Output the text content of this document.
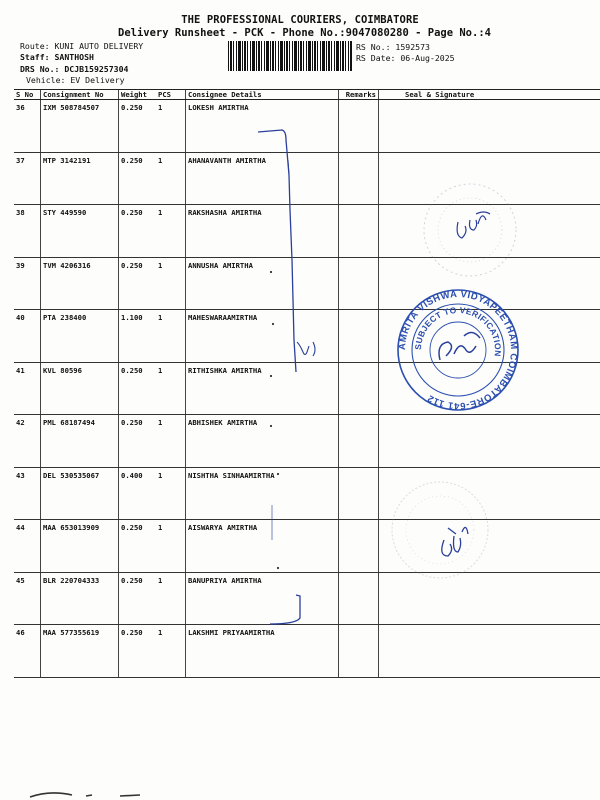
THE PROFESSIONAL COURIERS, COIMBATORE
Delivery Runsheet - PCK - Phone No.:9047080280 - Page No.:4
Route: KUNI AUTO DELIVERY
Staff: SANTHOSH
DRS No.: DCJB159257304
Vehicle: EV Delivery
RS No.: 1592573
RS Date: 06-Aug-2025
S No	Consignment No	Weight	PCS	Consignee Details	Remarks	Seal & Signature
36	IXM 508784507	0.250	1	LOKESH AMIRTHA		
37	MTP 3142191	0.250	1	AHANAVANTH AMIRTHA		
38	STY 449590	0.250	1	RAKSHASHA AMIRTHA		
39	TVM 4206316	0.250	1	ANNUSHA AMIRTHA		
40	PTA 238400	1.100	1	MAHESWARAAMIRTHA		
41	KVL 80596	0.250	1	RITHISHKA AMIRTHA		
42	PML 68187494	0.250	1	ABHISHEK AMIRTHA		
43	DEL 530535067	0.400	1	NISHTHA SINHAAMIRTHA		
44	MAA 653013909	0.250	1	AISWARYA AMIRTHA		
45	BLR 220704333	0.250	1	BANUPRIYA AMIRTHA		
46	MAA 577355619	0.250	1	LAKSHMI PRIYAAMIRTHA		
AMRITA VISHWA VIDYAPEETHAM COIMBATORE-641 112
SUBJECT TO VERIFICATION
